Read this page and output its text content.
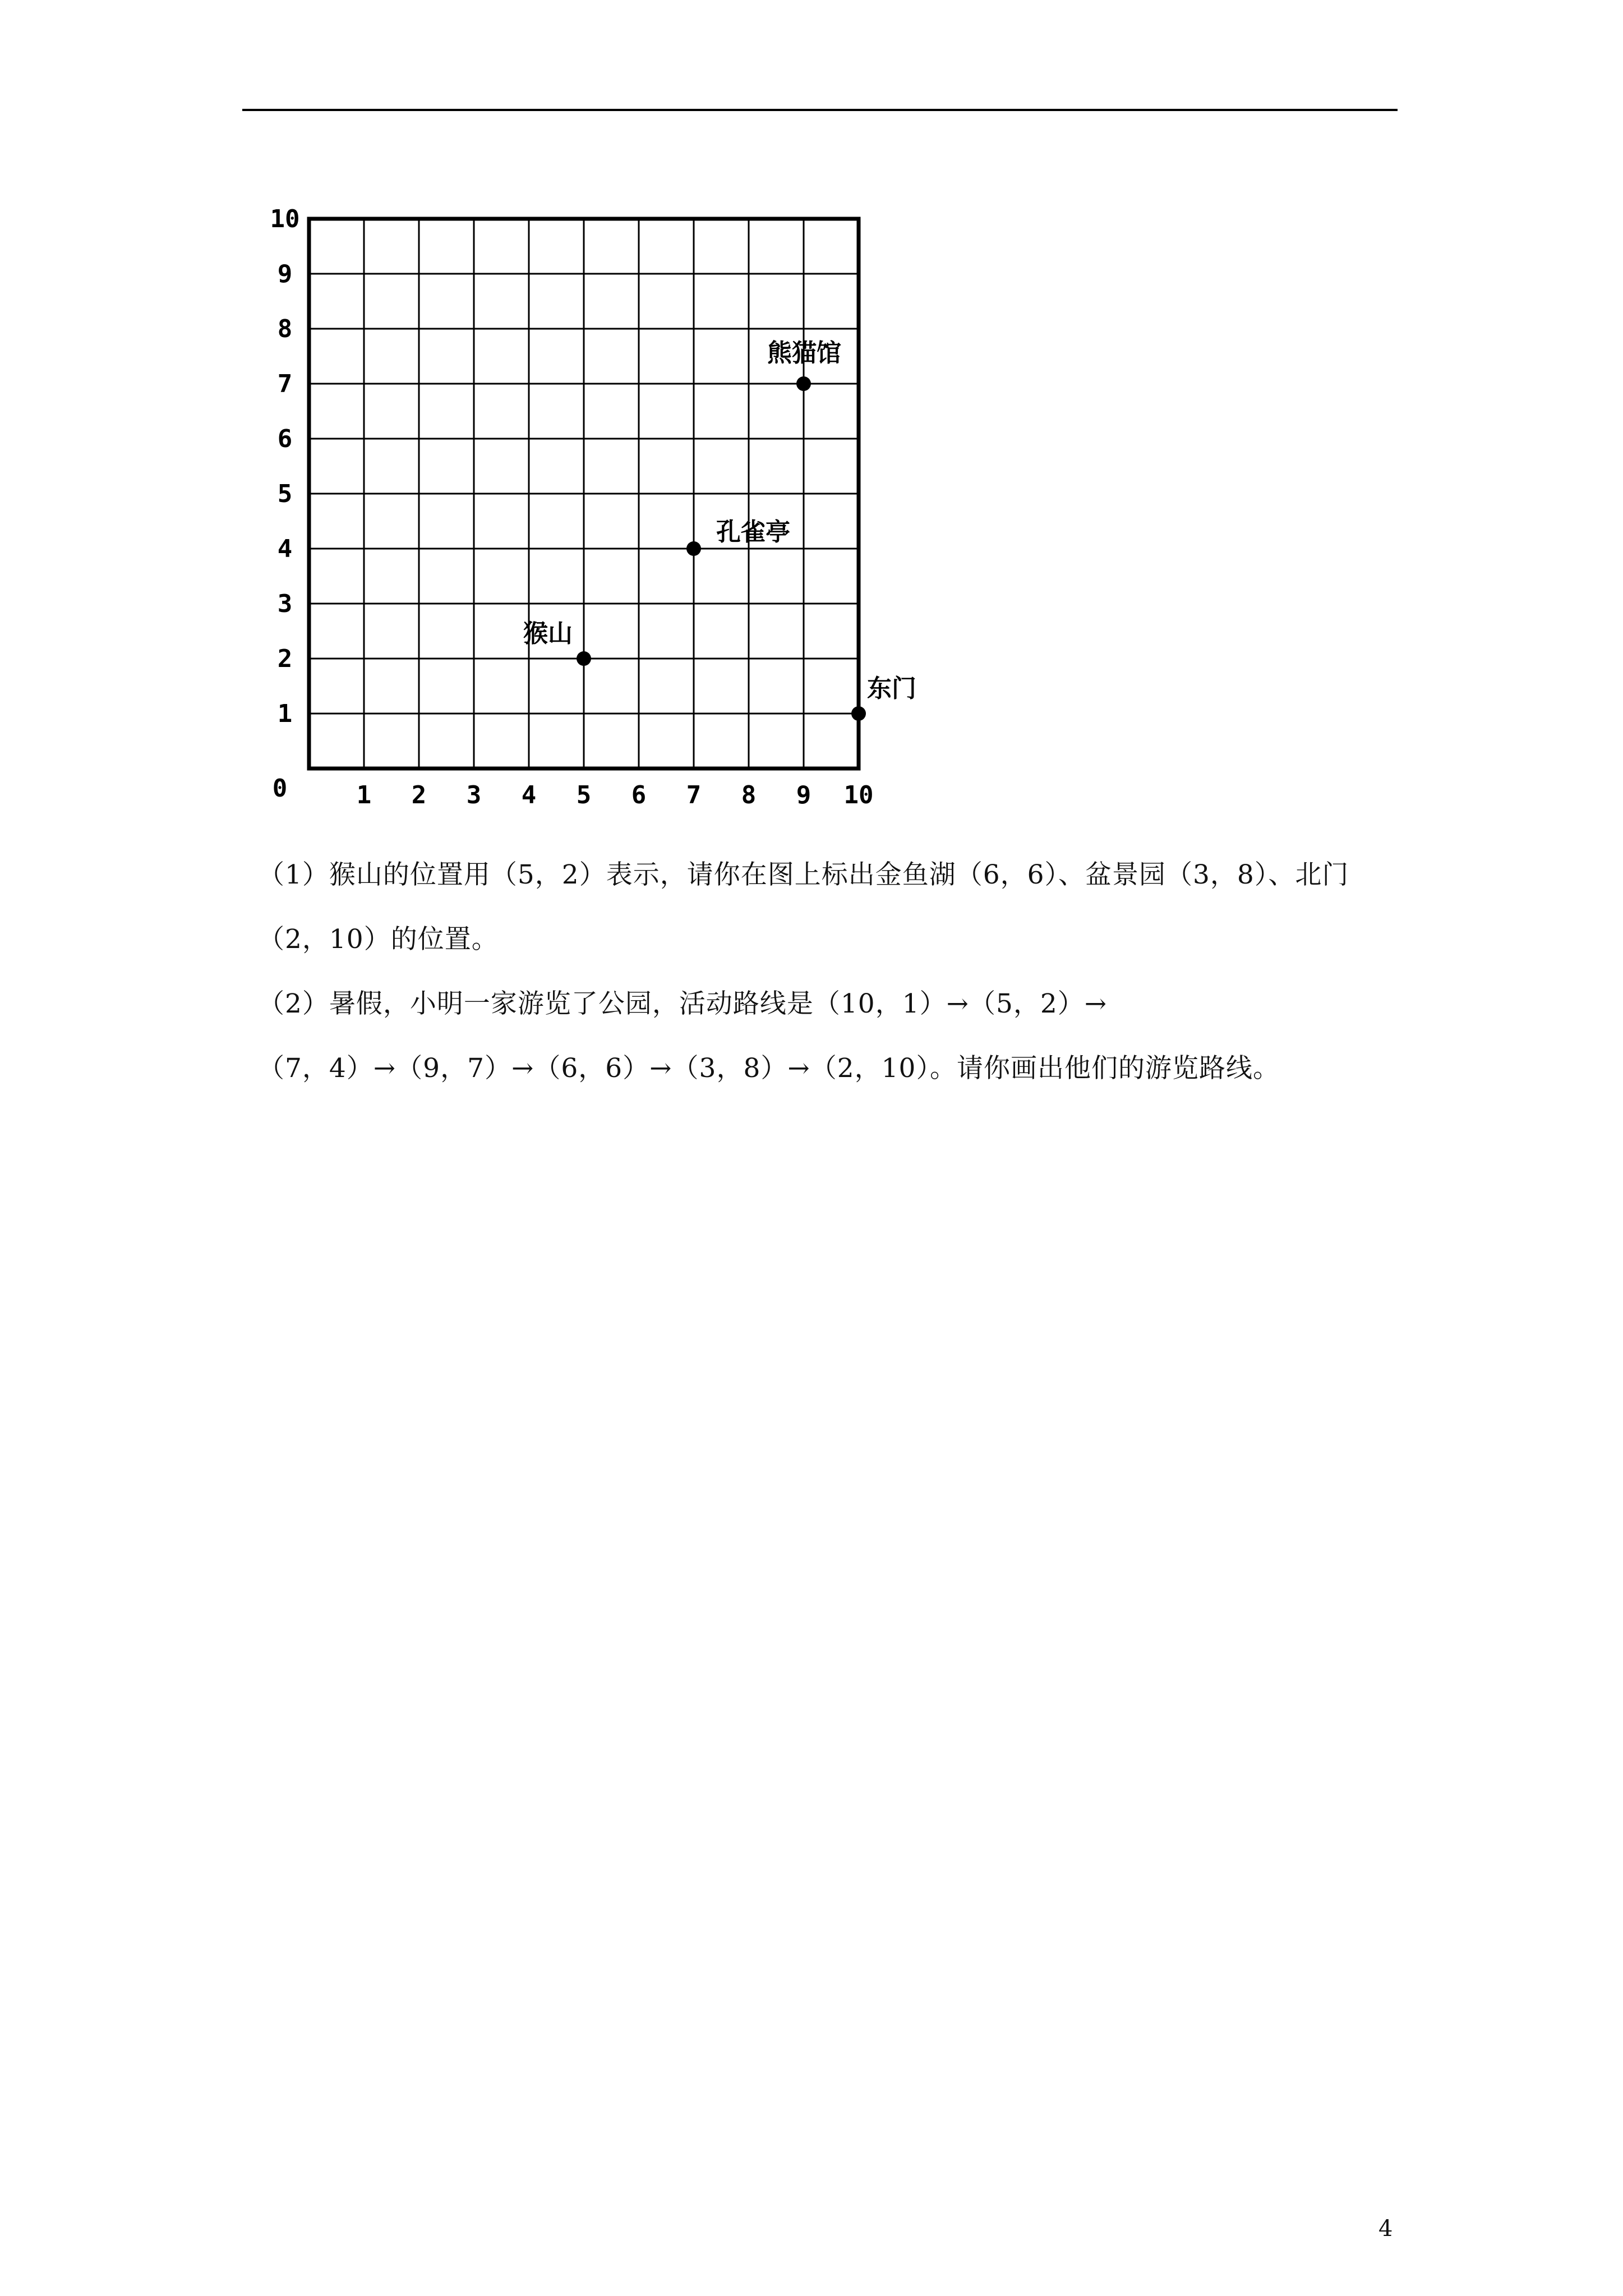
1 2 3 4 5 6 7 8 9 10
1
2
3
4
5
6
7
8
9
10
0
熊猫馆
孔雀亭
猴山
东门
（1）猴山的位置用（5，2）表示，请你在图上标出金鱼湖（6，6）、盆景园（3，8）、北门
（2，10）的位置。
（2）暑假，小明一家游览了公园，活动路线是（10，1）→（5，2）→
（7，4）→（9，7）→（6，6）→（3，8）→（2，10）。请你画出他们的游览路线。
4
